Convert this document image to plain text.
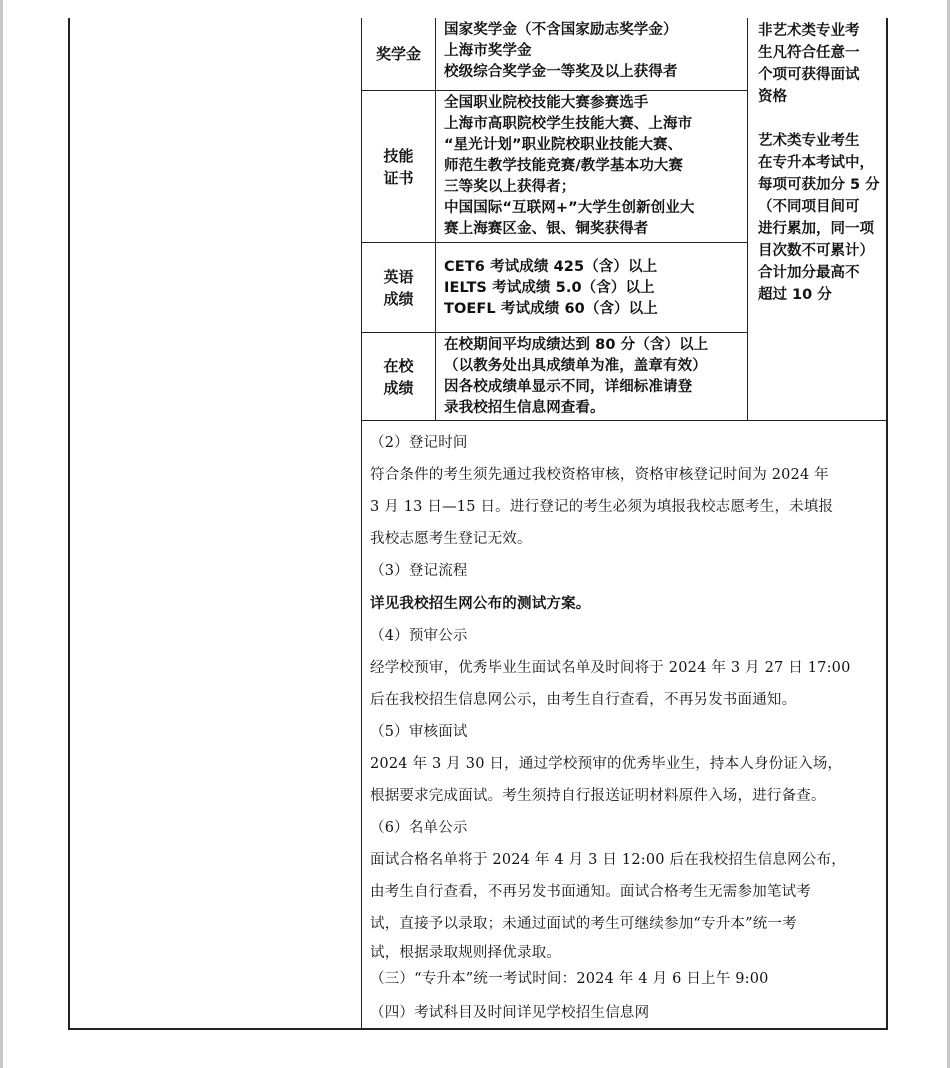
奖学金
国家奖学金（不含国家励志奖学金）
上海市奖学金
校级综合奖学金一等奖及以上获得者
技能
证书
全国职业院校技能大赛参赛选手
上海市高职院校学生技能大赛、上海市
“星光计划”职业院校职业技能大赛、
师范生教学技能竞赛/教学基本功大赛
三等奖以上获得者；
中国国际“互联网+”大学生创新创业大
赛上海赛区金、银、铜奖获得者
英语
成绩
CET6 考试成绩 425（含）以上
IELTS 考试成绩 5.0（含）以上
TOEFL 考试成绩 60（含）以上
在校
成绩
在校期间平均成绩达到 80 分（含）以上
（以教务处出具成绩单为准，盖章有效）
因各校成绩单显示不同，详细标准请登
录我校招生信息网查看。
非艺术类专业考
生凡符合任意一
个项可获得面试
资格
艺术类专业考生
在专升本考试中，
每项可获加分 5 分
（不同项目间可
进行累加，同一项
目次数不可累计）
合计加分最高不
超过 10 分
（2）登记时间
符合条件的考生须先通过我校资格审核，资格审核登记时间为 2024 年
3 月 13 日—15 日。进行登记的考生必须为填报我校志愿考生，未填报
我校志愿考生登记无效。
（3）登记流程
详见我校招生网公布的测试方案。
（4）预审公示
经学校预审，优秀毕业生面试名单及时间将于 2024 年 3 月 27 日 17:00
后在我校招生信息网公示，由考生自行查看，不再另发书面通知。
（5）审核面试
2024 年 3 月 30 日，通过学校预审的优秀毕业生，持本人身份证入场，
根据要求完成面试。考生须持自行报送证明材料原件入场，进行备查。
（6）名单公示
面试合格名单将于 2024 年 4 月 3 日 12:00 后在我校招生信息网公布，
由考生自行查看，不再另发书面通知。面试合格考生无需参加笔试考
试，直接予以录取；未通过面试的考生可继续参加“专升本”统一考
试，根据录取规则择优录取。
（三）“专升本”统一考试时间：2024 年 4 月 6 日上午 9:00
（四）考试科目及时间详见学校招生信息网
